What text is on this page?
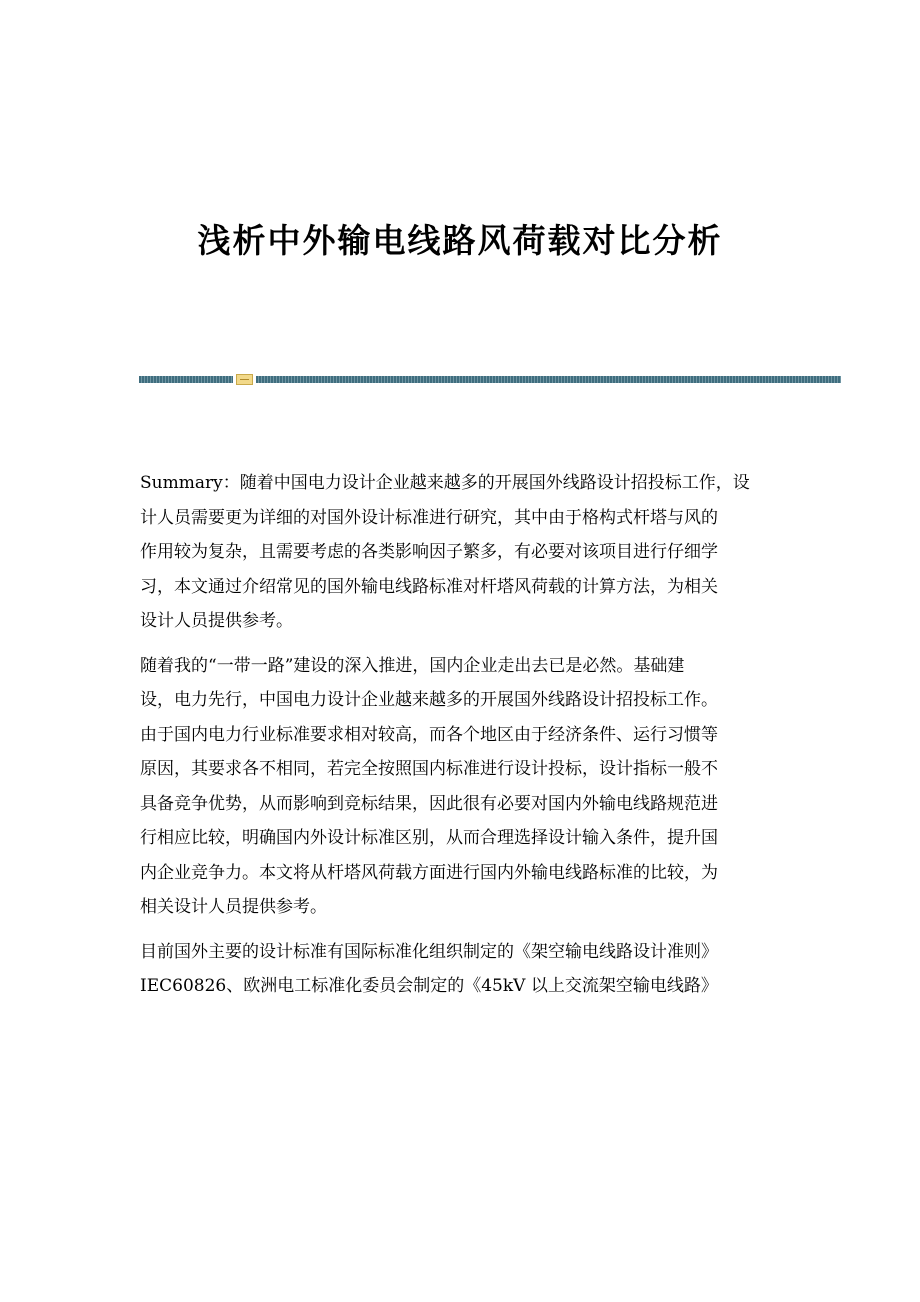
浅析中外输电线路风荷载对比分析

Summary：随着中国电力设计企业越来越多的开展国外线路设计招投标工作，设
计人员需要更为详细的对国外设计标准进行研究，其中由于格构式杆塔与风的
作用较为复杂，且需要考虑的各类影响因子繁多，有必要对该项目进行仔细学
习，本文通过介绍常见的国外输电线路标准对杆塔风荷载的计算方法，为相关
设计人员提供参考。

随着我的“一带一路”建设的深入推进，国内企业走出去已是必然。基础建
设，电力先行，中国电力设计企业越来越多的开展国外线路设计招投标工作。
由于国内电力行业标准要求相对较高，而各个地区由于经济条件、运行习惯等
原因，其要求各不相同，若完全按照国内标准进行设计投标，设计指标一般不
具备竞争优势，从而影响到竞标结果，因此很有必要对国内外输电线路规范进
行相应比较，明确国内外设计标准区别，从而合理选择设计输入条件，提升国
内企业竞争力。本文将从杆塔风荷载方面进行国内外输电线路标准的比较，为
相关设计人员提供参考。

目前国外主要的设计标准有国际标准化组织制定的《架空输电线路设计准则》
IEC60826、欧洲电工标准化委员会制定的《45kV 以上交流架空输电线路》
